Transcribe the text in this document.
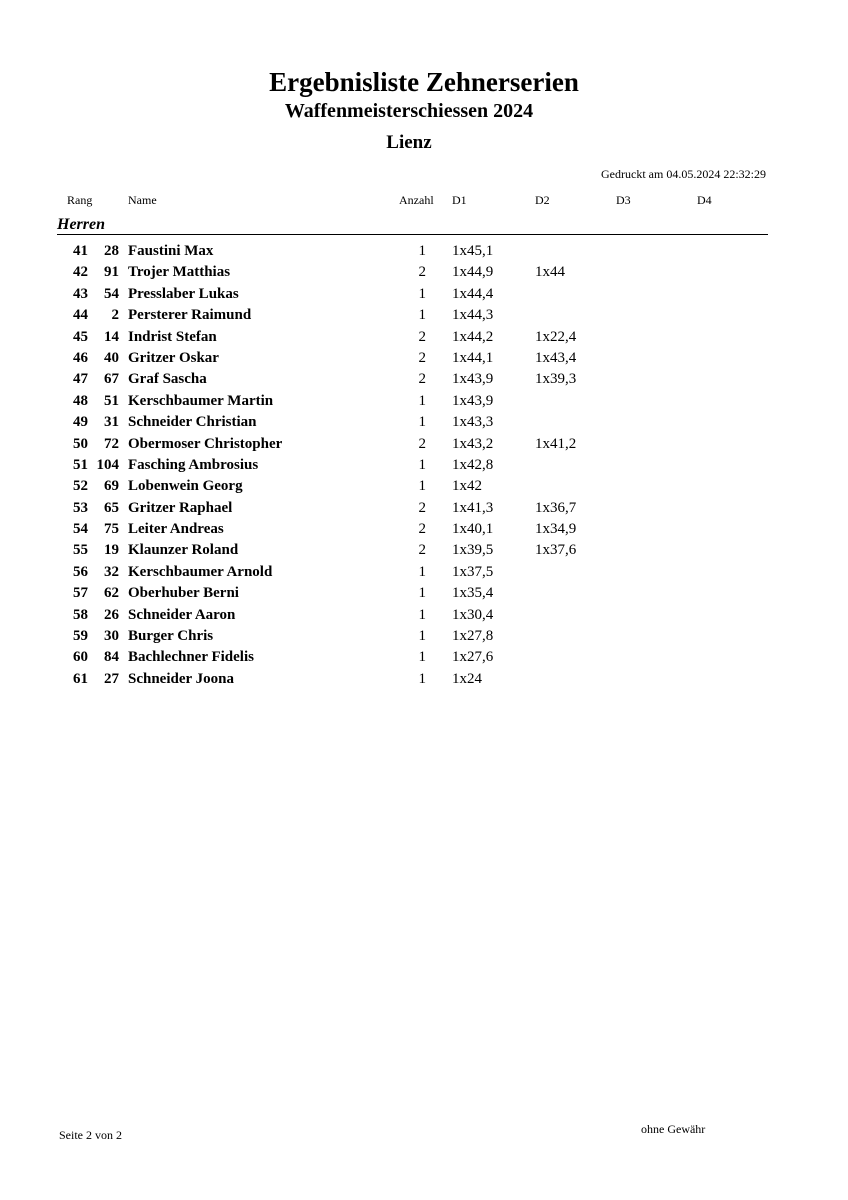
Ergebnisliste Zehnerserien
Waffenmeisterschiessen 2024
Lienz
Gedruckt am 04.05.2024 22:32:29
Rang	Name	Anzahl D1	D2	D3	D4
Herren
41 28 Faustini Max	1 1x45,1
42 91 Trojer Matthias	2 1x44,9	1x44
43 54 Presslaber Lukas	1 1x44,4
44 2 Persterer Raimund	1 1x44,3
45 14 Indrist Stefan	2 1x44,2	1x22,4
46 40 Gritzer Oskar	2 1x44,1	1x43,4
47 67 Graf Sascha	2 1x43,9	1x39,3
48 51 Kerschbaumer Martin	1 1x43,9
49 31 Schneider Christian	1 1x43,3
50 72 Obermoser Christopher	2 1x43,2	1x41,2
51 104 Fasching Ambrosius	1 1x42,8
52 69 Lobenwein Georg	1 1x42
53 65 Gritzer Raphael	2 1x41,3	1x36,7
54 75 Leiter Andreas	2 1x40,1	1x34,9
55 19 Klaunzer Roland	2 1x39,5	1x37,6
56 32 Kerschbaumer Arnold	1 1x37,5
57 62 Oberhuber Berni	1 1x35,4
58 26 Schneider Aaron	1 1x30,4
59 30 Burger Chris	1 1x27,8
60 84 Bachlechner Fidelis	1 1x27,6
61 27 Schneider Joona	1 1x24
Seite 2 von 2	ohne Gewähr
